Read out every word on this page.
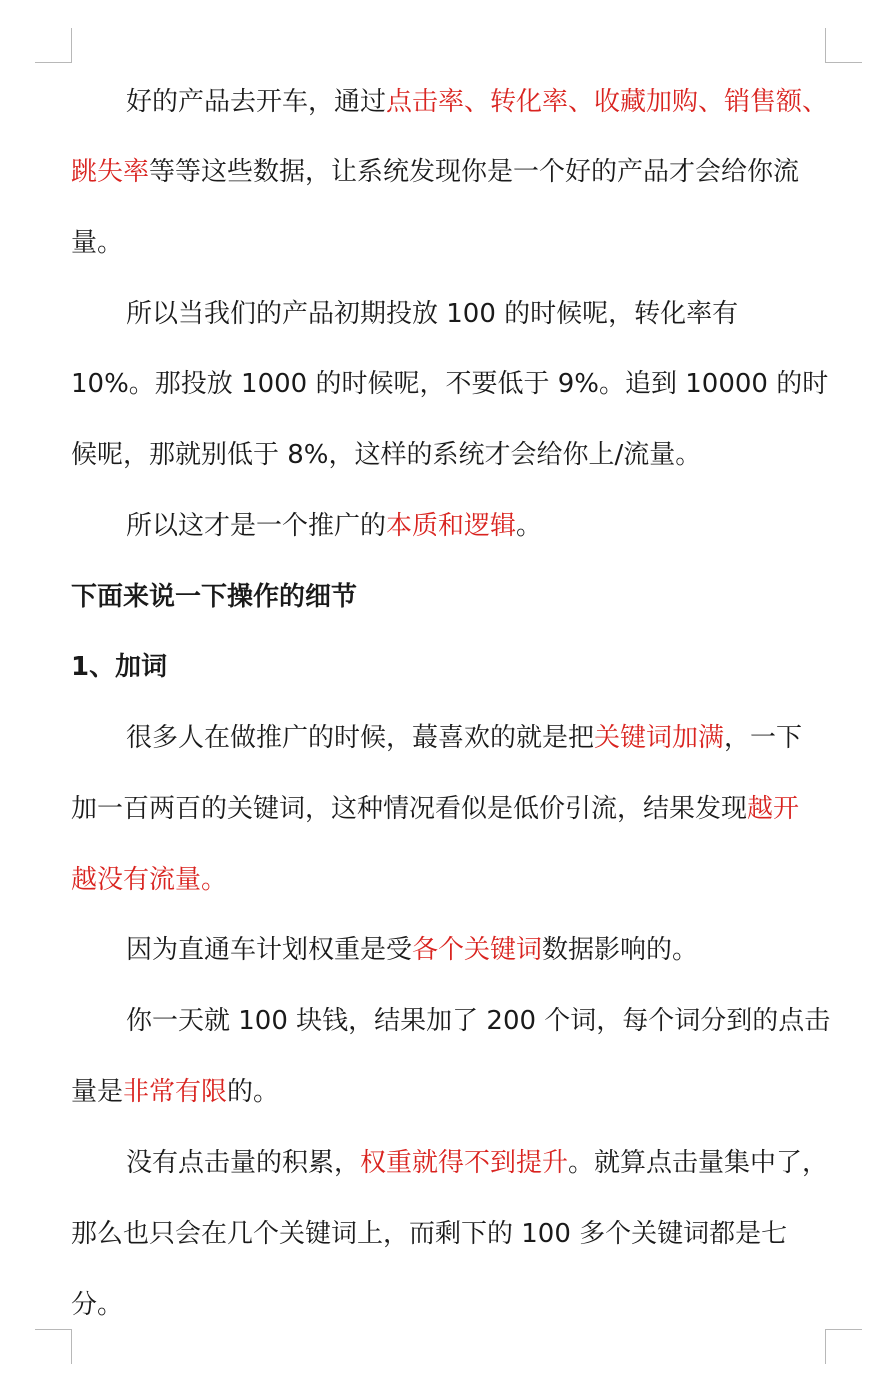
好的产品去开车，通过点击率、转化率、收藏加购、销售额、
跳失率等等这些数据，让系统发现你是一个好的产品才会给你流
量。
所以当我们的产品初期投放 100 的时候呢，转化率有
10%。那投放 1000 的时候呢，不要低于 9%。追到 10000 的时
候呢，那就别低于 8%，这样的系统才会给你上/流量。
所以这才是一个推广的本质和逻辑。
下面来说一下操作的细节
1、加词
很多人在做推广的时候，蕞喜欢的就是把关键词加满，一下
加一百两百的关键词，这种情况看似是低价引流，结果发现越开
越没有流量。
因为直通车计划权重是受各个关键词数据影响的。
你一天就 100 块钱，结果加了 200 个词，每个词分到的点击
量是非常有限的。
没有点击量的积累，权重就得不到提升。就算点击量集中了，
那么也只会在几个关键词上，而剩下的 100 多个关键词都是七
分。
